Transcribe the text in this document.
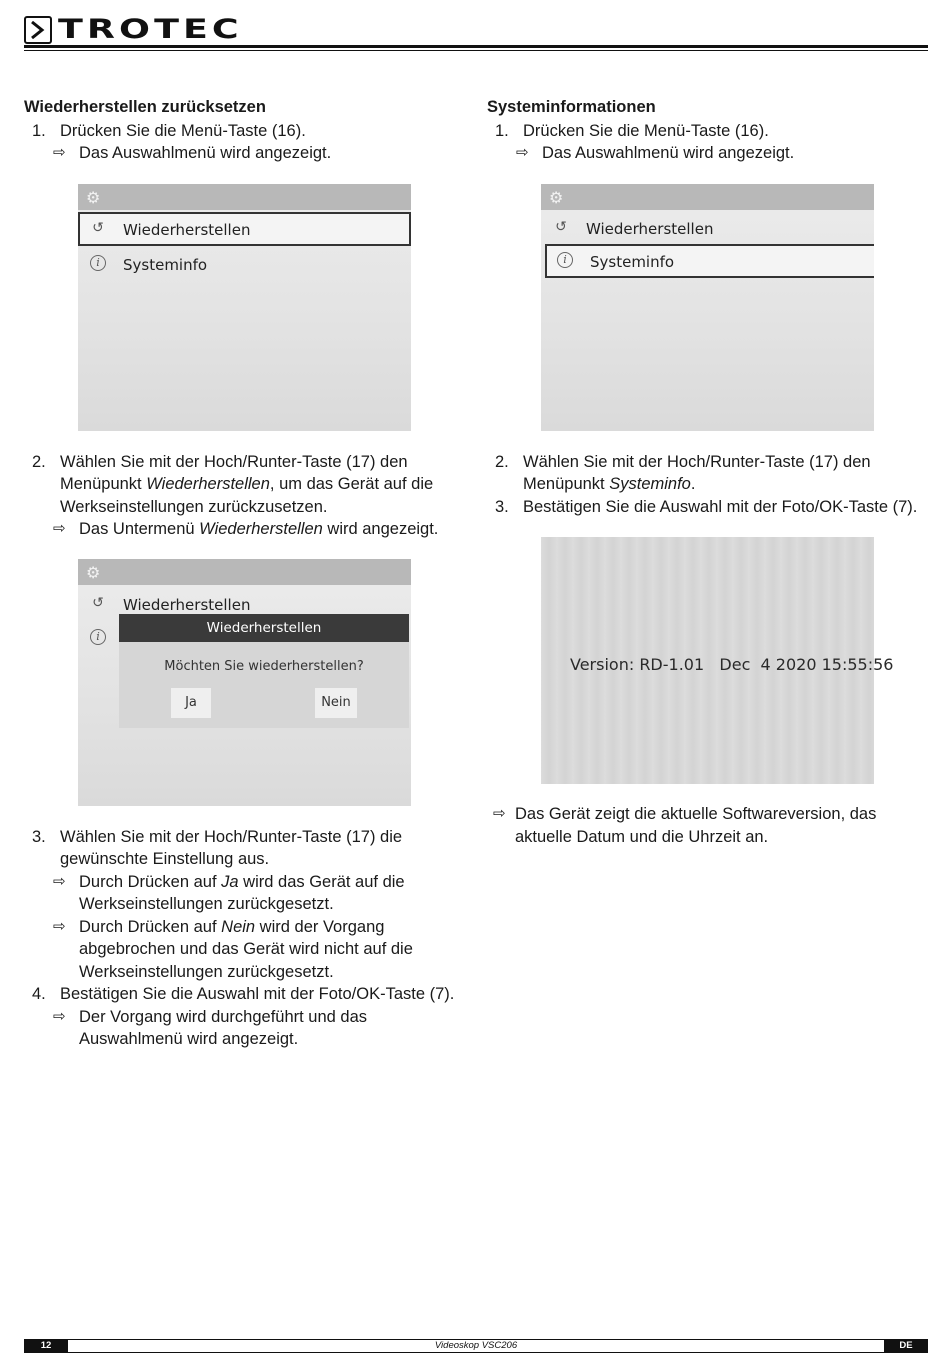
TROTEC
Wiederherstellen zurücksetzen
1. Drücken Sie die Menü-Taste (16).
⇨ Das Auswahlmenü wird angezeigt.
⚙
↺ Wiederherstellen
i	Systeminfo
2. Wählen Sie mit der Hoch/Runter-Taste (17) den Menüpunkt Wiederherstellen, um das Gerät auf die Werkseinstellungen zurückzusetzen.
⇨ Das Untermenü Wiederherstellen wird angezeigt.
⚙
↺ Wiederherstellen
i
Wiederherstellen
Möchten Sie wiederherstellen?
Ja	Nein
3. Wählen Sie mit der Hoch/Runter-Taste (17) die gewünschte Einstellung aus.
⇨ Durch Drücken auf Ja wird das Gerät auf die Werkseinstellungen zurückgesetzt.
⇨ Durch Drücken auf Nein wird der Vorgang abgebrochen und das Gerät wird nicht auf die Werkseinstellungen zurückgesetzt.
4. Bestätigen Sie die Auswahl mit der Foto/OK-Taste (7).
⇨ Der Vorgang wird durchgeführt und das Auswahlmenü wird angezeigt.
Systeminformationen
1. Drücken Sie die Menü-Taste (16).
⇨ Das Auswahlmenü wird angezeigt.
⚙
↺ Wiederherstellen
i	Systeminfo
2. Wählen Sie mit der Hoch/Runter-Taste (17) den Menüpunkt Systeminfo.
3. Bestätigen Sie die Auswahl mit der Foto/OK-Taste (7).
Version: RD-1.01   Dec  4 2020 15:55:56
⇨ Das Gerät zeigt die aktuelle Softwareversion, das aktuelle Datum und die Uhrzeit an.
Videoskop VSC206
12	DE
